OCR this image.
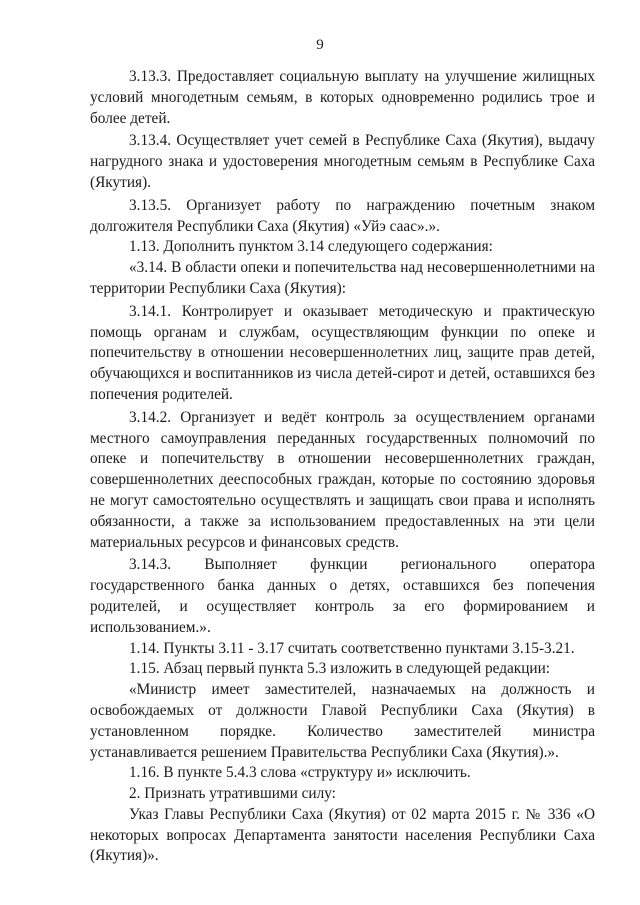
9

3.13.3. Предоставляет социальную выплату на улучшение жилищных условий многодетным семьям, в которых одновременно родились трое и более детей.

3.13.4. Осуществляет учет семей в Республике Саха (Якутия), выдачу нагрудного знака и удостоверения многодетным семьям в Республике Саха (Якутия).

3.13.5. Организует работу по награждению почетным знаком долгожителя Республики Саха (Якутия) «Уйэ саас».».

1.13. Дополнить пунктом 3.14 следующего содержания:

«3.14. В области опеки и попечительства над несовершеннолетними на территории Республики Саха (Якутия):

3.14.1. Контролирует и оказывает методическую и практическую помощь органам и службам, осуществляющим функции по опеке и попечительству в отношении несовершеннолетних лиц, защите прав детей, обучающихся и воспитанников из числа детей-сирот и детей, оставшихся без попечения родителей.

3.14.2. Организует и ведёт контроль за осуществлением органами местного самоуправления переданных государственных полномочий по опеке и попечительству в отношении несовершеннолетних граждан, совершеннолетних дееспособных граждан, которые по состоянию здоровья не могут самостоятельно осуществлять и защищать свои права и исполнять обязанности, а также за использованием предоставленных на эти цели материальных ресурсов и финансовых средств.

3.14.3. Выполняет функции регионального оператора государственного банка данных о детях, оставшихся без попечения родителей, и осуществляет контроль за его формированием и использованием.».

1.14. Пункты 3.11 - 3.17 считать соответственно пунктами 3.15-3.21.

1.15. Абзац первый пункта 5.3 изложить в следующей редакции:

«Министр имеет заместителей, назначаемых на должность и освобождаемых от должности Главой Республики Саха (Якутия) в установленном порядке. Количество заместителей министра устанавливается решением Правительства Республики Саха (Якутия).».

1.16. В пункте 5.4.3 слова «структуру и» исключить.

2. Признать утратившими силу:

Указ Главы Республики Саха (Якутия) от 02 марта 2015 г. № 336 «О некоторых вопросах Департамента занятости населения Республики Саха (Якутия)».
